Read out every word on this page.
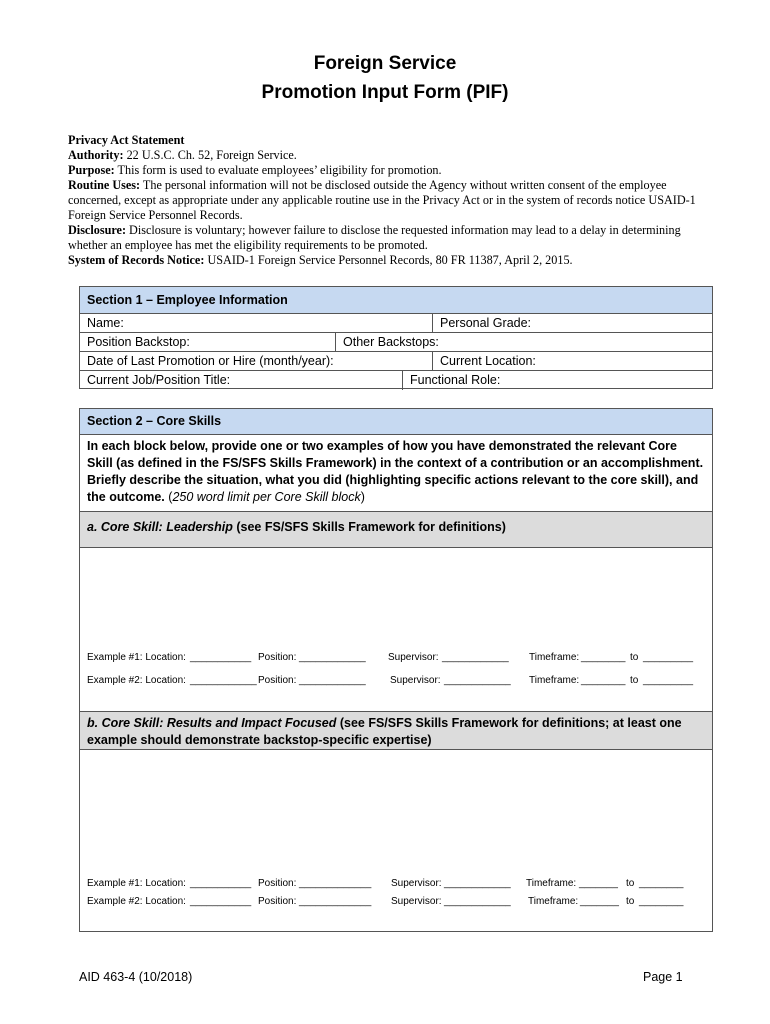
Foreign Service
Promotion Input Form (PIF)

Privacy Act Statement

Authority: 22 U.S.C. Ch. 52, Foreign Service.

Purpose: This form is used to evaluate employees’ eligibility for promotion.

Routine Uses: The personal information will not be disclosed outside the Agency without written consent of the employee concerned, except as appropriate under any applicable routine use in the Privacy Act or in the system of records notice USAID-1 Foreign Service Personnel Records.

Disclosure: Disclosure is voluntary; however failure to disclose the requested information may lead to a delay in determining whether an employee has met the eligibility requirements to be promoted.

System of Records Notice: USAID-1 Foreign Service Personnel Records, 80 FR 11387, April 2, 2015.

Section 1 – Employee Information
Name:	Personal Grade:
Position Backstop:	Other Backstops:
Date of Last Promotion or Hire (month/year):	Current Location:
Current Job/Position Title:	Functional Role:
Section 2 – Core Skills
In each block below, provide one or two examples of how you have demonstrated the relevant Core Skill (as defined in the FS/SFS Skills Framework) in the context of a contribution or an accomplishment. Briefly describe the situation, what you did (highlighting specific actions relevant to the core skill), and the outcome. (250 word limit per Core Skill block)
a. Core Skill: Leadership (see FS/SFS Skills Framework for definitions)
Example #1: Location: ___________ Position: ____________ Supervisor: ____________ Timeframe: ________ to _________
Example #2: Location: ____________ Position: ____________ Supervisor: ____________ Timeframe: ________ to _________
b. Core Skill: Results and Impact Focused (see FS/SFS Skills Framework for definitions; at least one example should demonstrate backstop-specific expertise)
Example #1: Location: ___________ Position: _____________ Supervisor: ____________ Timeframe: _______ to ________
Example #2: Location: ___________ Position: _____________ Supervisor: ____________ Timeframe: _______ to ________
AID 463-4 (10/2018)	Page 1
